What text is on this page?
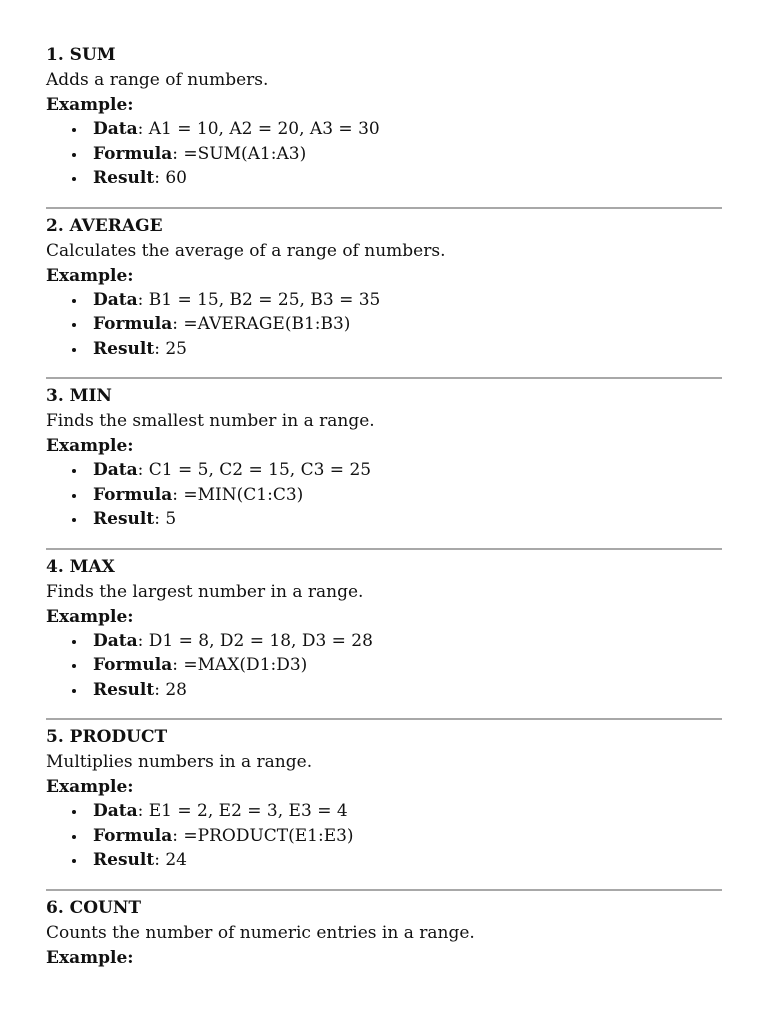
1. SUM
Adds a range of numbers.
Example:
Data: A1 = 10, A2 = 20, A3 = 30
Formula: =SUM(A1:A3)
Result: 60
2. AVERAGE
Calculates the average of a range of numbers.
Example:
Data: B1 = 15, B2 = 25, B3 = 35
Formula: =AVERAGE(B1:B3)
Result: 25
3. MIN
Finds the smallest number in a range.
Example:
Data: C1 = 5, C2 = 15, C3 = 25
Formula: =MIN(C1:C3)
Result: 5
4. MAX
Finds the largest number in a range.
Example:
Data: D1 = 8, D2 = 18, D3 = 28
Formula: =MAX(D1:D3)
Result: 28
5. PRODUCT
Multiplies numbers in a range.
Example:
Data: E1 = 2, E2 = 3, E3 = 4
Formula: =PRODUCT(E1:E3)
Result: 24
6. COUNT
Counts the number of numeric entries in a range.
Example:
